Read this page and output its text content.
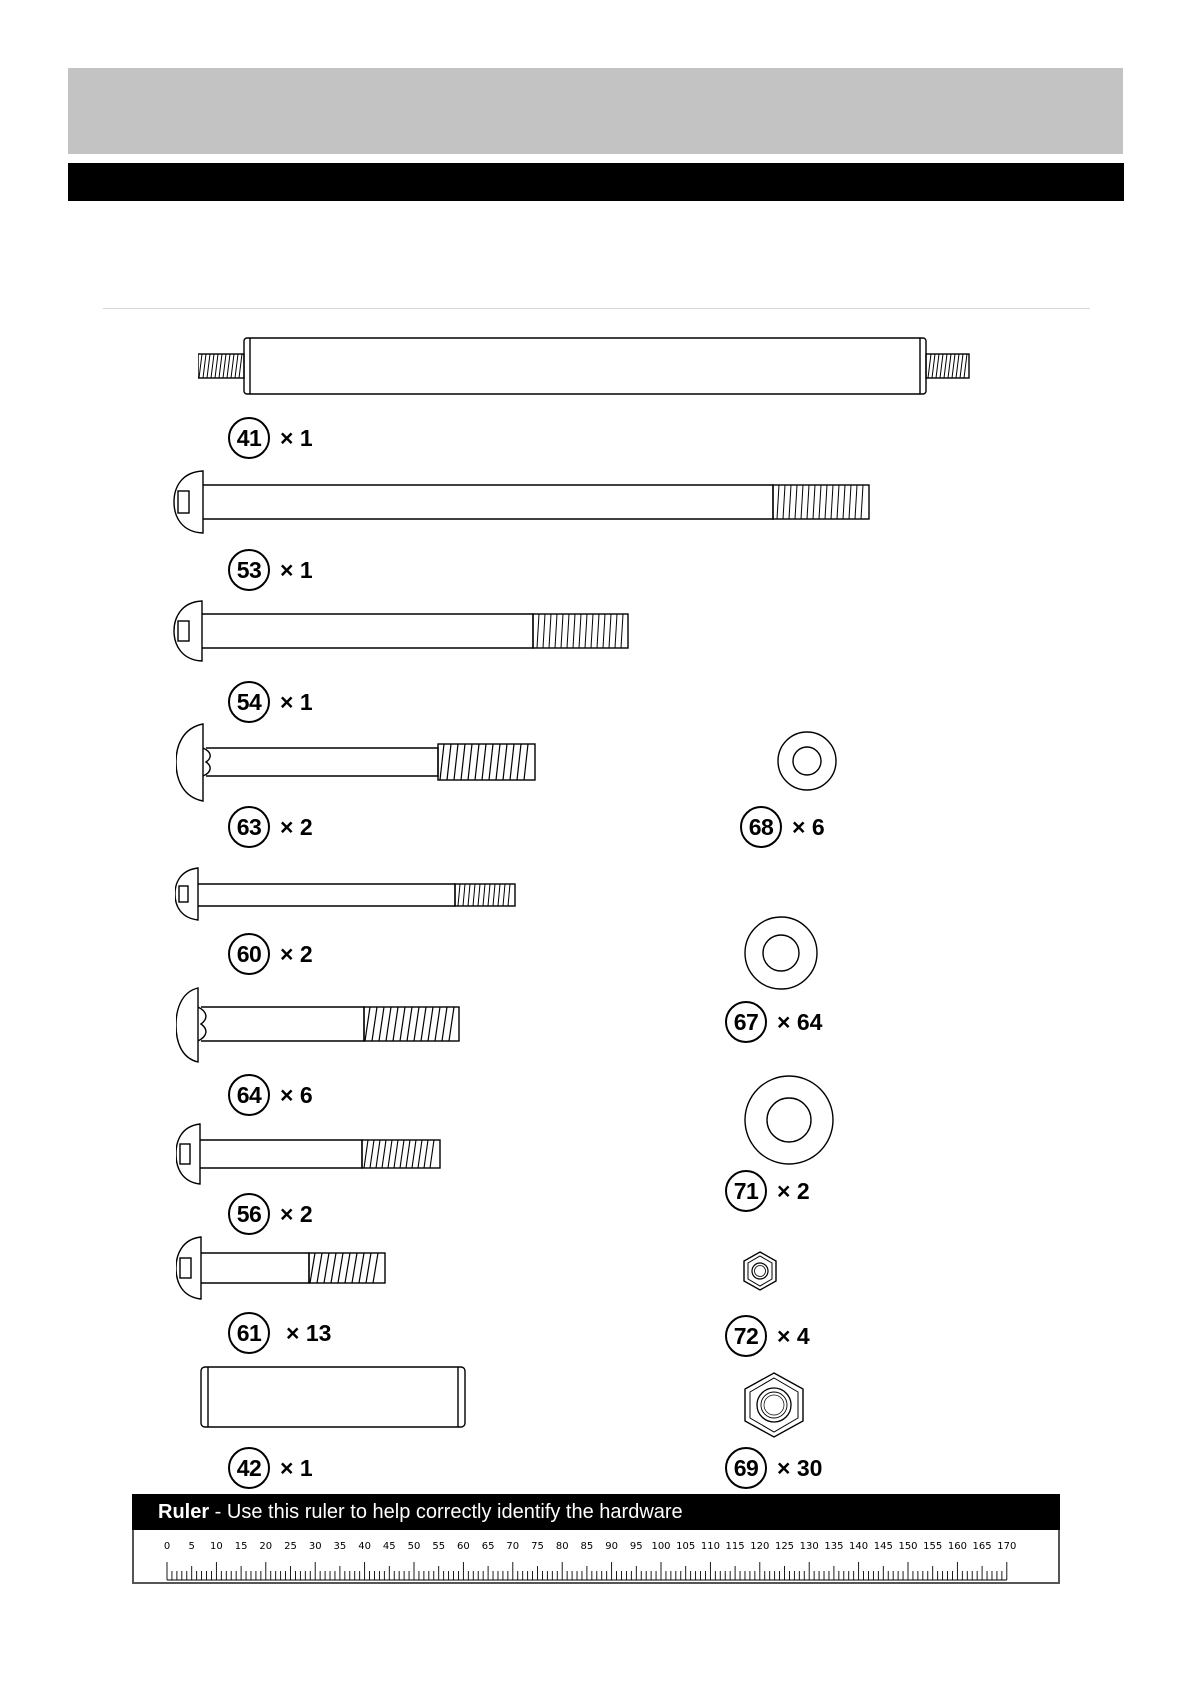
41 × 1
53 × 1
54 × 1
63 × 2
60 × 2
64 × 6
56 × 2
61	× 13
42 × 1
68 × 6
67 × 64
71 × 2
72 × 4
69 × 30
Ruler - Use this ruler to help correctly identify the hardware
0 5 10 15 20 25 30 35 40 45 50 55 60 65 70 75 80 85 90 95 100 105 110 115 120 125 130 135 140 145 150 155 160 165 170
